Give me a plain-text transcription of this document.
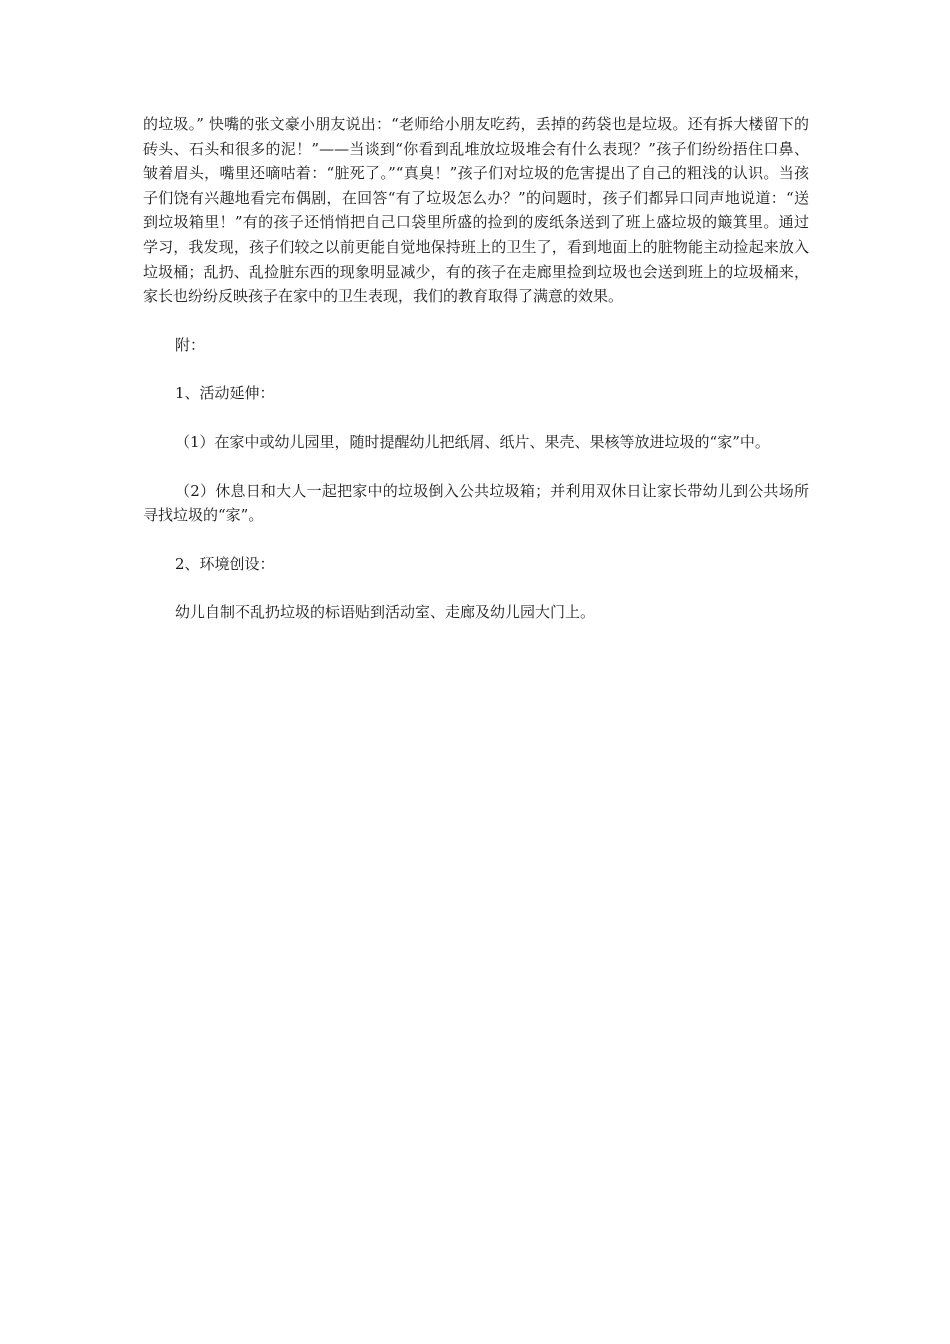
的垃圾。” 快嘴的张文豪小朋友说出：“老师给小朋友吃药，丢掉的药袋也是垃圾。还有拆大楼留下的砖头、石头和很多的泥！”——当谈到“你看到乱堆放垃圾堆会有什么表现？”孩子们纷纷捂住口鼻、皱着眉头，嘴里还嘀咕着：“脏死了。”“真臭！”孩子们对垃圾的危害提出了自己的粗浅的认识。当孩子们饶有兴趣地看完布偶剧，在回答“有了垃圾怎么办？”的问题时，孩子们都异口同声地说道：“送到垃圾箱里！”有的孩子还悄悄把自己口袋里所盛的捡到的废纸条送到了班上盛垃圾的簸箕里。通过学习，我发现，孩子们较之以前更能自觉地保持班上的卫生了，看到地面上的脏物能主动捡起来放入垃圾桶；乱扔、乱捡脏东西的现象明显减少，有的孩子在走廊里捡到垃圾也会送到班上的垃圾桶来，家长也纷纷反映孩子在家中的卫生表现，我们的教育取得了满意的效果。

附：

1、活动延伸：

（1）在家中或幼儿园里，随时提醒幼儿把纸屑、纸片、果壳、果核等放进垃圾的“家”中。

（2）休息日和大人一起把家中的垃圾倒入公共垃圾箱；并利用双休日让家长带幼儿到公共场所寻找垃圾的“家”。

2、环境创设：

幼儿自制不乱扔垃圾的标语贴到活动室、走廊及幼儿园大门上。
